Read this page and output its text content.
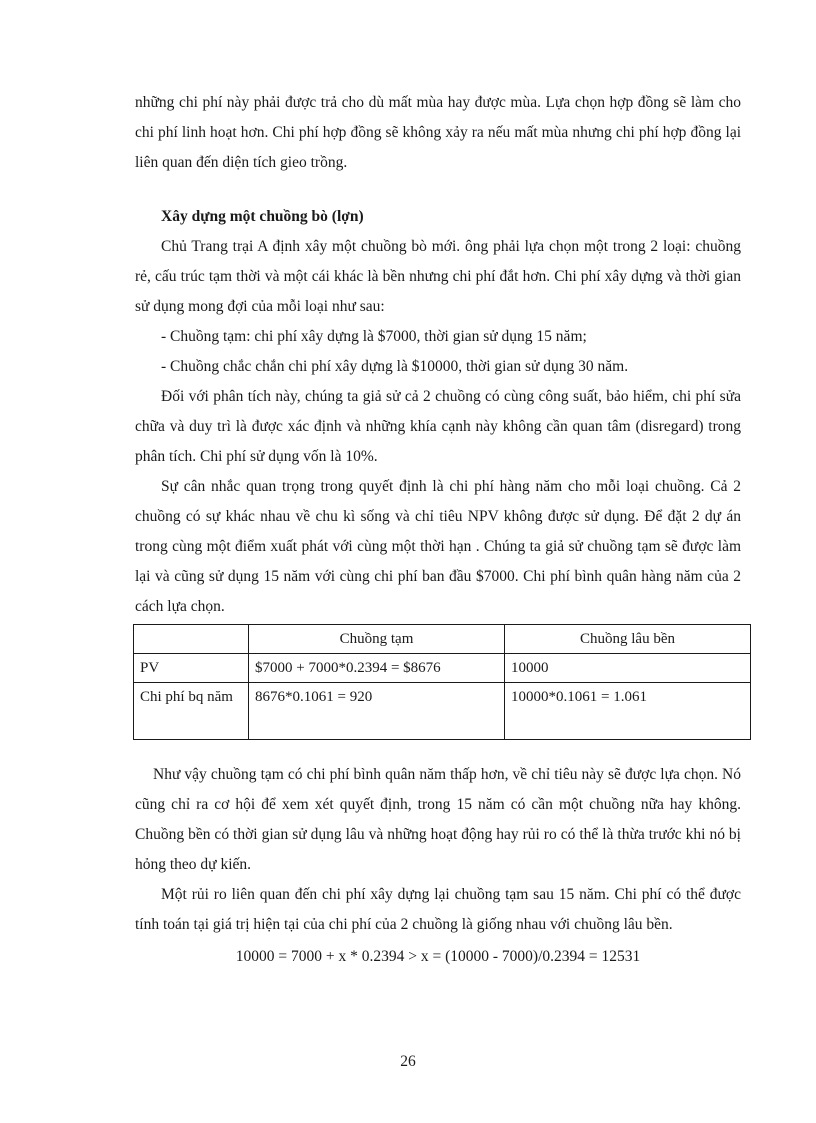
những chi phí này phải được trả cho dù mất mùa hay được mùa. Lựa chọn hợp đồng sẽ làm cho chi phí linh hoạt hơn. Chi phí hợp đồng sẽ không xảy ra nếu mất mùa nhưng chi phí hợp đồng lại liên quan đến diện tích gieo trồng.

Xây dựng một chuồng bò (lợn)

Chủ Trang trại A định xây một chuồng bò mới. ông phải lựa chọn một trong 2 loại: chuồng rẻ, cấu trúc tạm thời và một cái khác là bền nhưng chi phí đắt hơn. Chi phí xây dựng và thời gian sử dụng mong đợi của mỗi loại như sau:

- Chuồng tạm: chi phí xây dựng là $7000, thời gian sử dụng 15 năm;

- Chuồng chắc chắn chi phí xây dựng là $10000, thời gian sử dụng 30 năm.

Đối với phân tích này, chúng ta giả sử cả 2 chuồng có cùng công suất, bảo hiểm, chi phí sửa chữa và duy trì là được xác định và những khía cạnh này không cần quan tâm (disregard) trong phân tích. Chi phí sử dụng vốn là 10%.

Sự cân nhắc quan trọng trong quyết định là chi phí hàng năm cho mỗi loại chuồng. Cả 2 chuồng có sự khác nhau về chu kì sống và chỉ tiêu NPV không được sử dụng. Để đặt 2 dự án trong cùng một điểm xuất phát với cùng một thời hạn . Chúng ta giả sử chuồng tạm sẽ được làm lại và cũng sử dụng 15 năm với cùng chi phí ban đầu $7000. Chi phí bình quân hàng năm của 2 cách lựa chọn.

	Chuồng tạm	Chuồng lâu bền
PV	$7000 + 7000*0.2394 = $8676	10000
Chi phí bq năm	8676*0.1061 = 920	10000*0.1061 = 1.061

Như vậy chuồng tạm có chi phí bình quân năm thấp hơn, về chỉ tiêu này sẽ được lựa chọn. Nó cũng chỉ ra cơ hội để xem xét quyết định, trong 15 năm có cần một chuồng nữa hay không. Chuồng bền có thời gian sử dụng lâu và những hoạt động hay rủi ro có thể là thừa trước khi nó bị hỏng theo dự kiến.

Một rủi ro liên quan đến chi phí xây dựng lại chuồng tạm sau 15 năm. Chi phí có thể được tính toán tại giá trị hiện tại của chi phí của 2 chuồng là giống nhau với chuồng lâu bền.

10000 = 7000 + x * 0.2394 > x = (10000 - 7000)/0.2394 = 12531

26
